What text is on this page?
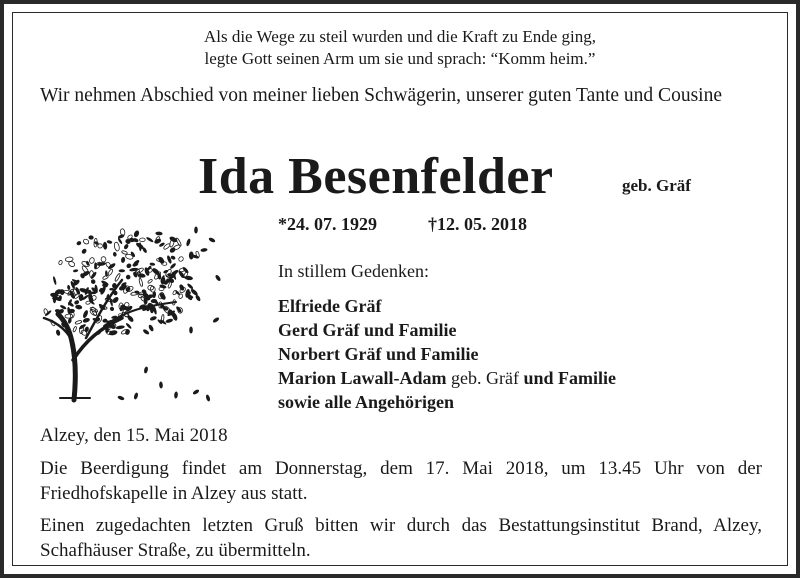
Als die Wege zu steil wurden und die Kraft zu Ende ging,
legte Gott seinen Arm um sie und sprach: “Komm heim.”
Wir nehmen Abschied von meiner lieben Schwägerin, unserer guten Tante und Cousine
Ida Besenfelder	geb. Gräf
*24. 07. 1929	†12. 05. 2018
In stillem Gedenken:
Elfriede Gräf
Gerd Gräf und Familie
Norbert Gräf und Familie
Marion Lawall-Adam geb. Gräf und Familie
sowie alle Angehörigen
Alzey, den 15. Mai 2018
Die Beerdigung findet am Donnerstag, dem 17. Mai 2018, um 13.45 Uhr von der Friedhofskapelle in Alzey aus statt.
Einen zugedachten letzten Gruß bitten wir durch das Bestattungsinstitut Brand, Alzey, Schafhäuser Straße, zu übermitteln.
